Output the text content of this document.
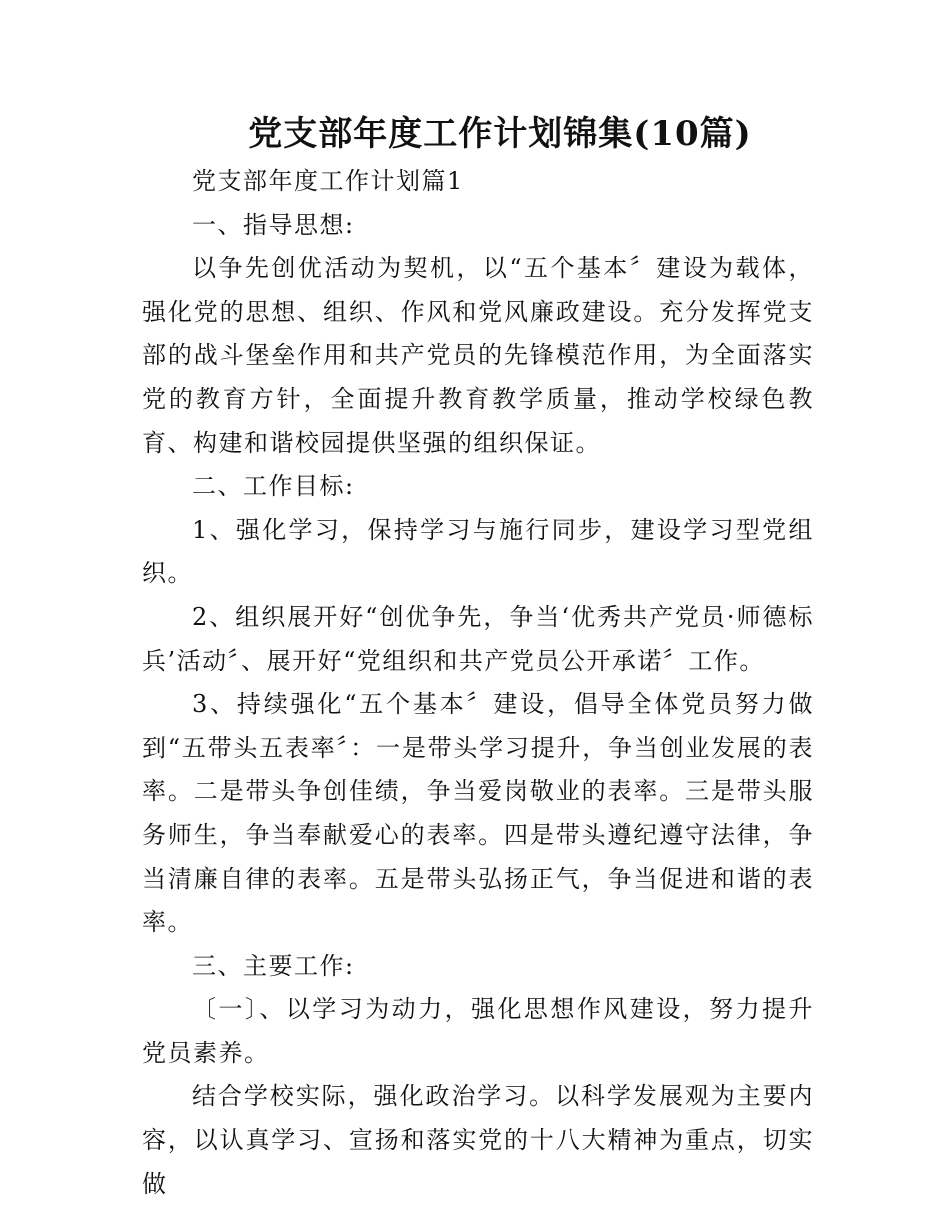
党支部年度工作计划锦集(10篇)

党支部年度工作计划篇1

一、指导思想:

以争先创优活动为契机，以“五个基本〞建设为载体，强化党的思想、组织、作风和党风廉政建设。充分发挥党支部的战斗堡垒作用和共产党员的先锋模范作用，为全面落实党的教育方针，全面提升教育教学质量，推动学校绿色教育、构建和谐校园提供坚强的组织保证。

二、工作目标:

1、强化学习，保持学习与施行同步，建设学习型党组织。

2、组织展开好“创优争先，争当‘优秀共产党员·师德标兵’活动〞、展开好“党组织和共产党员公开承诺〞工作。

3、持续强化“五个基本〞建设，倡导全体党员努力做到“五带头五表率〞：一是带头学习提升，争当创业发展的表率。二是带头争创佳绩，争当爱岗敬业的表率。三是带头服务师生，争当奉献爱心的表率。四是带头遵纪遵守法律，争当清廉自律的表率。五是带头弘扬正气，争当促进和谐的表率。

三、主要工作:

〔一〕、以学习为动力，强化思想作风建设，努力提升党员素养。

结合学校实际，强化政治学习。以科学发展观为主要内容，以认真学习、宣扬和落实党的十八大精神为重点，切实做
